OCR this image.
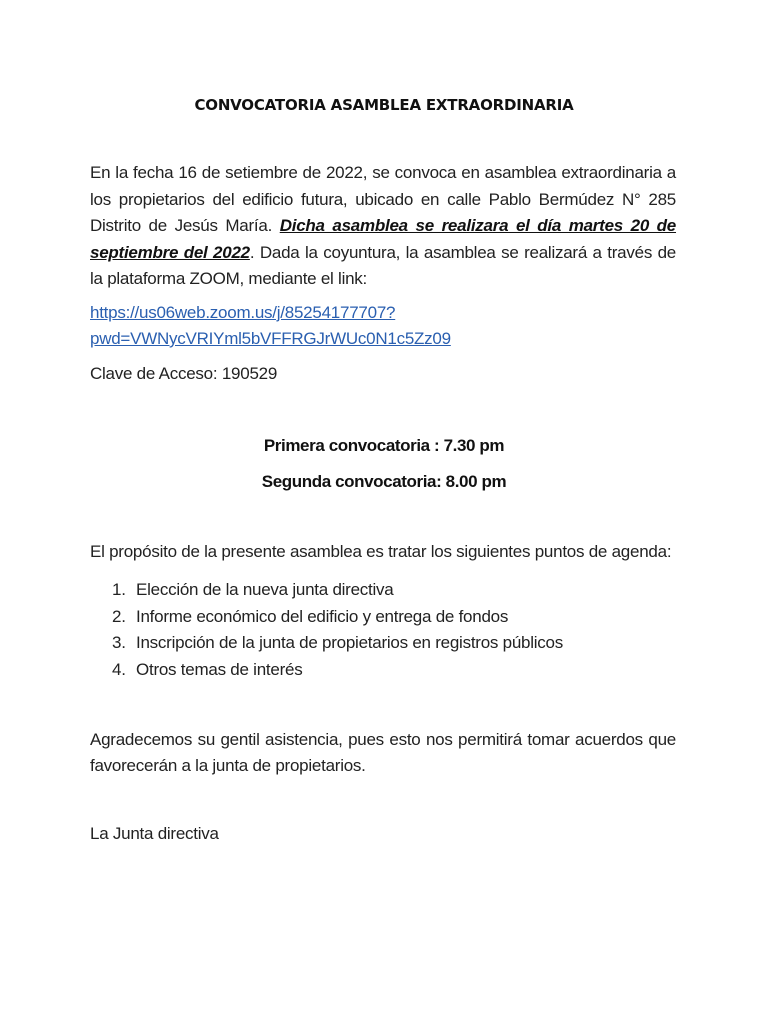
CONVOCATORIA ASAMBLEA EXTRAORDINARIA
En la fecha 16 de setiembre de 2022, se convoca en asamblea extraordinaria a los propietarios del edificio futura, ubicado en calle Pablo Bermúdez N° 285 Distrito de Jesús María. Dicha asamblea se realizara el día martes 20 de septiembre del 2022. Dada la coyuntura, la asamblea se realizará a través de la plataforma ZOOM, mediante el link:
https://us06web.zoom.us/j/85254177707?
pwd=VWNycVRIYml5bVFFRGJrWUc0N1c5Zz09
Clave de Acceso: 190529
Primera convocatoria : 7.30 pm
Segunda convocatoria: 8.00 pm
El propósito de la presente asamblea es tratar los siguientes puntos de agenda:
1. Elección de la nueva junta directiva
2. Informe económico del edificio y entrega de fondos
3. Inscripción de la junta de propietarios en registros públicos
4. Otros temas de interés
Agradecemos su gentil asistencia, pues esto nos permitirá tomar acuerdos que favorecerán a la junta de propietarios.
La Junta directiva
